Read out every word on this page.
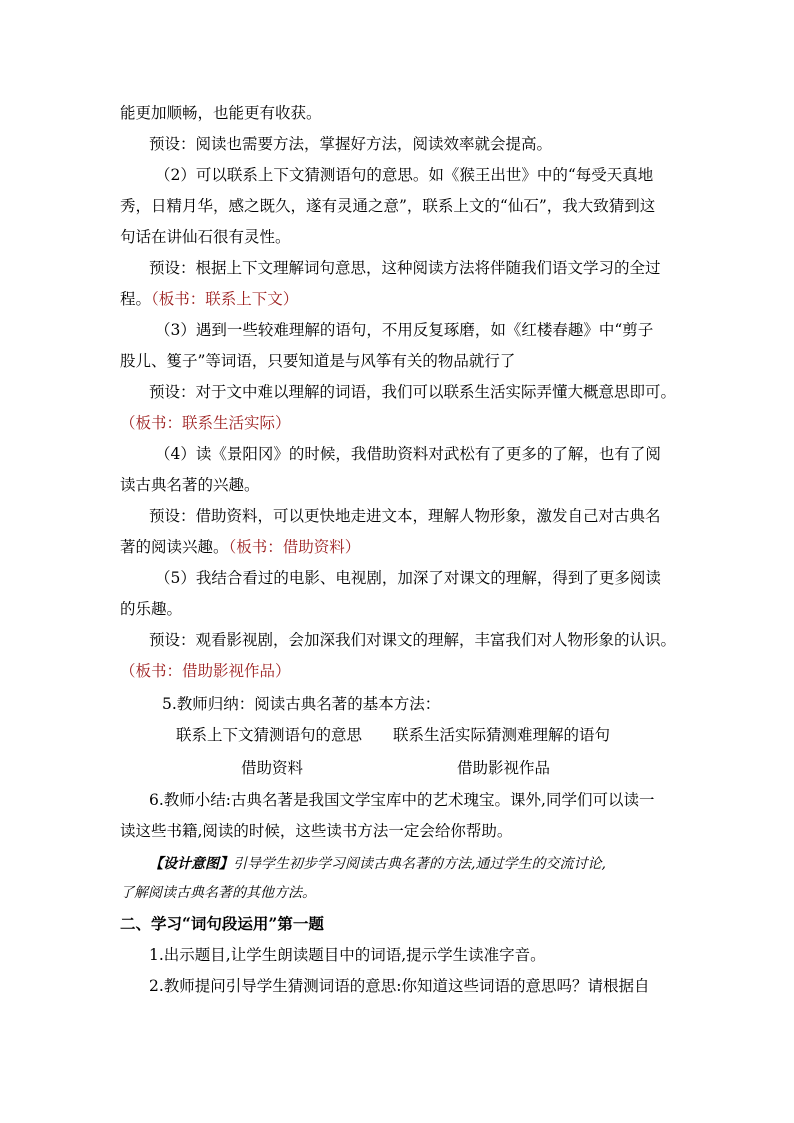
能更加顺畅，也能更有收获。
预设：阅读也需要方法，掌握好方法，阅读效率就会提高。
（2）可以联系上下文猜测语句的意思。如《猴王出世》中的“每受天真地
秀，日精月华，感之既久，遂有灵通之意”，联系上文的“仙石”，我大致猜到这
句话在讲仙石很有灵性。
预设：根据上下文理解词句意思，这种阅读方法将伴随我们语文学习的全过
程。（板书：联系上下文）
（3）遇到一些较难理解的语句，不用反复琢磨，如《红楼春趣》中“剪子
股儿、篗子”等词语，只要知道是与风筝有关的物品就行了
预设：对于文中难以理解的词语，我们可以联系生活实际弄懂大概意思即可。
（板书：联系生活实际）
（4）读《景阳冈》的时候，我借助资料对武松有了更多的了解，也有了阅
读古典名著的兴趣。
预设：借助资料，可以更快地走进文本，理解人物形象，激发自己对古典名
著的阅读兴趣。（板书：借助资料）
（5）我结合看过的电影、电视剧，加深了对课文的理解，得到了更多阅读
的乐趣。
预设：观看影视剧，会加深我们对课文的理解，丰富我们对人物形象的认识。
（板书：借助影视作品）
5.教师归纳：阅读古典名著的基本方法：
联系上下文猜测语句的意思 联系生活实际猜测难理解的语句
借助资料	借助影视作品
6.教师小结:古典名著是我国文学宝库中的艺术瑰宝。课外,同学们可以读一
读这些书籍,阅读的时候，这些读书方法一定会给你帮助。
【设计意图】引导学生初步学习阅读古典名著的方法,通过学生的交流讨论,
了解阅读古典名著的其他方法。
二、学习“词句段运用”第一题
1.出示题目,让学生朗读题目中的词语,提示学生读准字音。
2.教师提问引导学生猜测词语的意思:你知道这些词语的意思吗？请根据自
